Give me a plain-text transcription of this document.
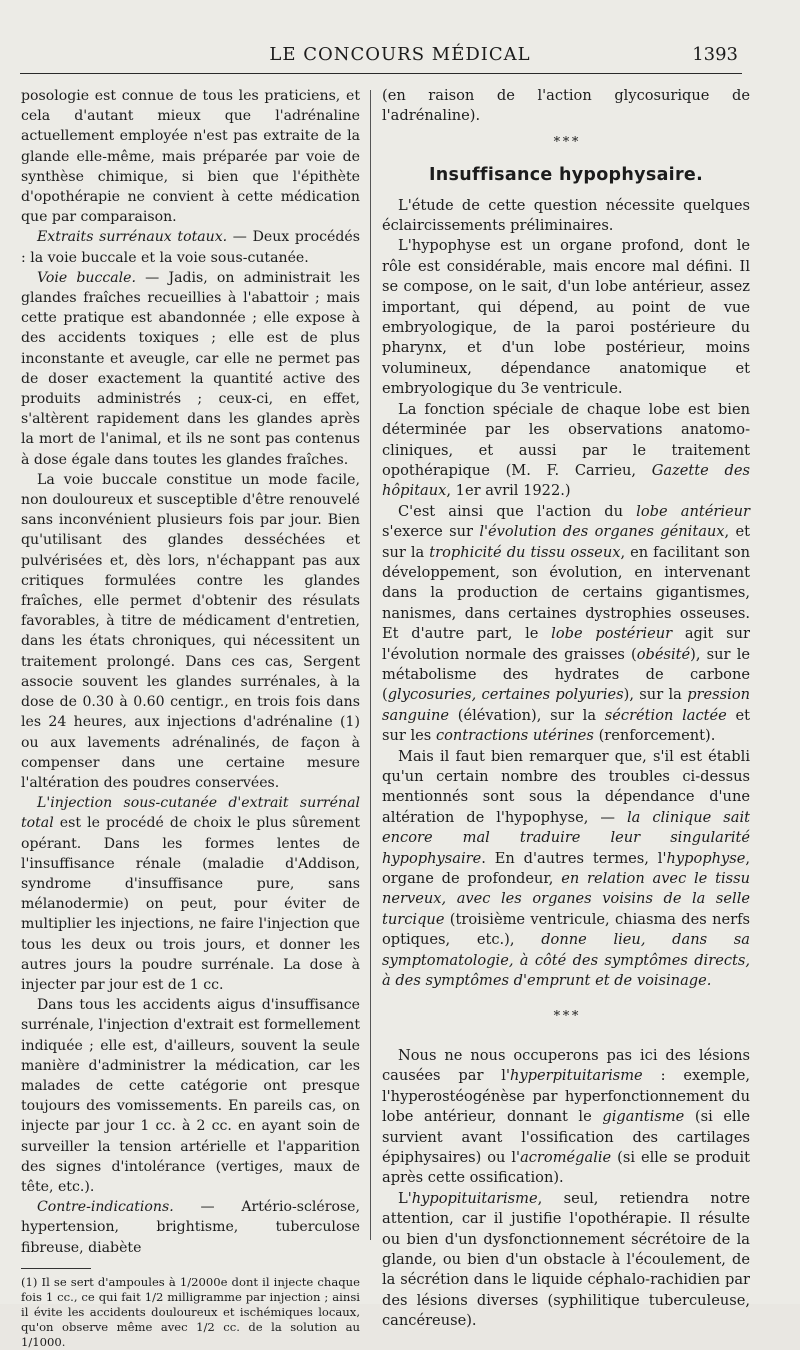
LE CONCOURS MÉDICAL	1393

posologie est connue de tous les praticiens, et cela d'autant mieux que l'adrénaline actuellement employée n'est pas extraite de la glande elle-même, mais préparée par voie de synthèse chimique, si bien que l'épithète d'opothérapie ne convient à cette médication que par comparaison.

Extraits surrénaux totaux. — Deux procédés : la voie buccale et la voie sous-cutanée.

Voie buccale. — Jadis, on administrait les glandes fraîches recueillies à l'abattoir ; mais cette pratique est abandonnée ; elle expose à des accidents toxiques ; elle est de plus inconstante et aveugle, car elle ne permet pas de doser exactement la quantité active des produits administrés ; ceux-ci, en effet, s'altèrent rapidement dans les glandes après la mort de l'animal, et ils ne sont pas contenus à dose égale dans toutes les glandes fraîches.

La voie buccale constitue un mode facile, non douloureux et susceptible d'être renouvelé sans inconvénient plusieurs fois par jour. Bien qu'utilisant des glandes desséchées et pulvérisées et, dès lors, n'échappant pas aux critiques formulées contre les glandes fraîches, elle permet d'obtenir des résulats favorables, à titre de médicament d'entretien, dans les états chroniques, qui nécessitent un traitement prolongé. Dans ces cas, Sergent associe souvent les glandes surrénales, à la dose de 0.30 à 0.60 centigr., en trois fois dans les 24 heures, aux injections d'adrénaline (1) ou aux lavements adrénalinés, de façon à compenser dans une certaine mesure l'altération des poudres conservées.

L'injection sous-cutanée d'extrait surrénal total est le procédé de choix le plus sûrement opérant. Dans les formes lentes de l'insuffisance rénale (maladie d'Addison, syndrome d'insuffisance pure, sans mélanodermie) on peut, pour éviter de multiplier les injections, ne faire l'injection que tous les deux ou trois jours, et donner les autres jours la poudre surrénale. La dose à injecter par jour est de 1 cc.

Dans tous les accidents aigus d'insuffisance surrénale, l'injection d'extrait est formellement indiquée ; elle est, d'ailleurs, souvent la seule manière d'administrer la médication, car les malades de cette catégorie ont presque toujours des vomissements. En pareils cas, on injecte par jour 1 cc. à 2 cc. en ayant soin de surveiller la tension artérielle et l'apparition des signes d'intolérance (vertiges, maux de tête, etc.).

Contre-indications. — Artério-sclérose, hypertension, brightisme, tuberculose fibreuse, diabète

(1) Il se sert d'ampoules à 1/2000e dont il injecte chaque fois 1 cc., ce qui fait 1/2 milligramme par injection ; ainsi il évite les accidents douloureux et ischémiques locaux, qu'on observe même avec 1/2 cc. de la solution au 1/1000.

(en raison de l'action glycosurique de l'adrénaline).

* * *
Insuffisance hypophysaire.

L'étude de cette question nécessite quelques éclaircissements préliminaires.

L'hypophyse est un organe profond, dont le rôle est considérable, mais encore mal défini. Il se compose, on le sait, d'un lobe antérieur, assez important, qui dépend, au point de vue embryologique, de la paroi postérieure du pharynx, et d'un lobe postérieur, moins volumineux, dépendance anatomique et embryologique du 3e ventricule.

La fonction spéciale de chaque lobe est bien déterminée par les observations anatomo-cliniques, et aussi par le traitement opothérapique (M. F. Carrieu, Gazette des hôpitaux, 1er avril 1922.)

C'est ainsi que l'action du lobe antérieur s'exerce sur l'évolution des organes génitaux, et sur la trophicité du tissu osseux, en facilitant son développement, son évolution, en intervenant dans la production de certains gigantismes, nanismes, dans certaines dystrophies osseuses. Et d'autre part, le lobe postérieur agit sur l'évolution normale des graisses (obésité), sur le métabolisme des hydrates de carbone (glycosuries, certaines polyuries), sur la pression sanguine (élévation), sur la sécrétion lactée et sur les contractions utérines (renforcement).

Mais il faut bien remarquer que, s'il est établi qu'un certain nombre des troubles ci-dessus mentionnés sont sous la dépendance d'une altération de l'hypophyse, — la clinique sait encore mal traduire leur singularité hypophysaire. En d'autres termes, l'hypophyse, organe de profondeur, en relation avec le tissu nerveux, avec les organes voisins de la selle turcique (troisième ventricule, chiasma des nerfs optiques, etc.), donne lieu, dans sa symptomatologie, à côté des symptômes directs, à des symptômes d'emprunt et de voisinage.

* * *

Nous ne nous occuperons pas ici des lésions causées par l'hyperpituitarisme : exemple, l'hyperostéogénèse par hyperfonctionnement du lobe antérieur, donnant le gigantisme (si elle survient avant l'ossification des cartilages épiphysaires) ou l'acromégalie (si elle se produit après cette ossification).

L'hypopituitarisme, seul, retiendra notre attention, car il justifie l'opothérapie. Il résulte ou bien d'un dysfonctionnement sécrétoire de la glande, ou bien d'un obstacle à l'écoulement, de la sécrétion dans le liquide céphalo-rachidien par des lésions diverses (syphilitique tuberculeuse, cancéreuse).
